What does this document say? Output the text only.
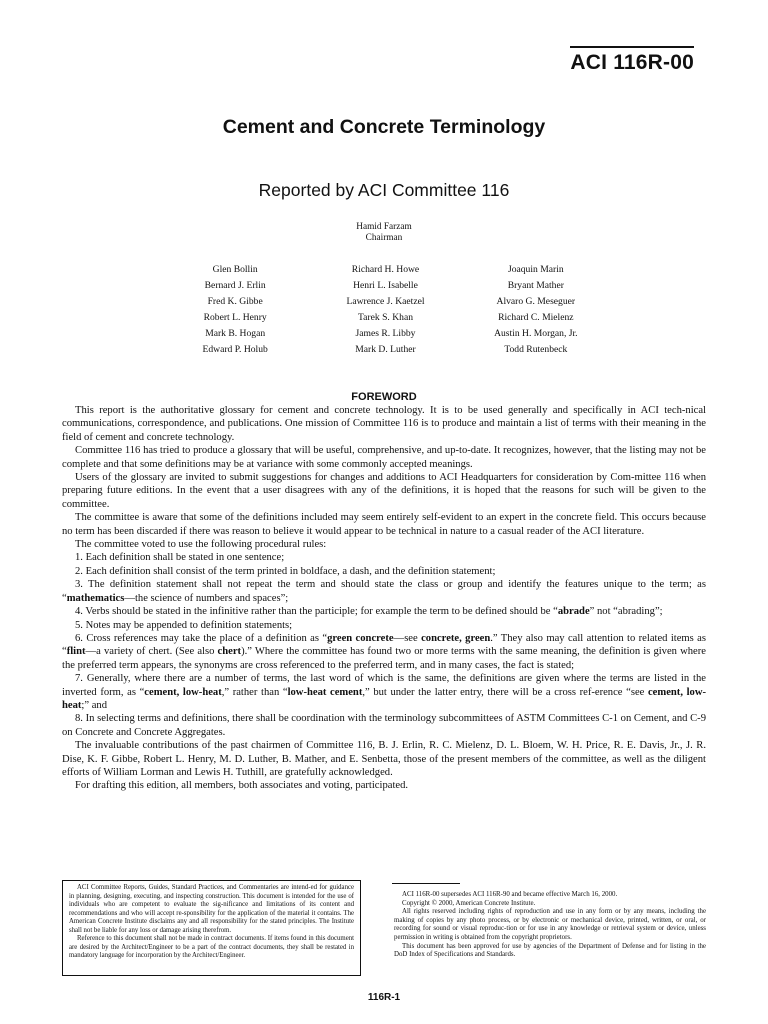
ACI 116R-00
Cement and Concrete Terminology
Reported by ACI Committee 116
Hamid Farzam
Chairman
Glen Bollin	Richard H. Howe	Joaquin Marin
Bernard J. Erlin	Henri L. Isabelle	Bryant Mather
Fred K. Gibbe	Lawrence J. Kaetzel	Alvaro G. Meseguer
Robert L. Henry	Tarek S. Khan	Richard C. Mielenz
Mark B. Hogan	James R. Libby	Austin H. Morgan, Jr.
Edward P. Holub	Mark D. Luther	Todd Rutenbeck
FOREWORD

This report is the authoritative glossary for cement and concrete technology. It is to be used generally and specifically in ACI tech-nical communications, correspondence, and publications. One mission of Committee 116 is to produce and maintain a list of terms with their meaning in the field of cement and concrete technology.

Committee 116 has tried to produce a glossary that will be useful, comprehensive, and up-to-date. It recognizes, however, that the listing may not be complete and that some definitions may be at variance with some commonly accepted meanings.

Users of the glossary are invited to submit suggestions for changes and additions to ACI Headquarters for consideration by Com-mittee 116 when preparing future editions. In the event that a user disagrees with any of the definitions, it is hoped that the reasons for such will be given to the committee.

The committee is aware that some of the definitions included may seem entirely self-evident to an expert in the concrete field. This occurs because no term has been discarded if there was reason to believe it would appear to be technical in nature to a casual reader of the ACI literature.

The committee voted to use the following procedural rules:

1. Each definition shall be stated in one sentence;

2. Each definition shall consist of the term printed in boldface, a dash, and the definition statement;

3. The definition statement shall not repeat the term and should state the class or group and identify the features unique to the term; as “mathematics—the science of numbers and spaces”;

4. Verbs should be stated in the infinitive rather than the participle; for example the term to be defined should be “abrade” not “abrading”;

5. Notes may be appended to definition statements;

6. Cross references may take the place of a definition as “green concrete—see concrete, green.” They also may call attention to related items as “flint—a variety of chert. (See also chert).” Where the committee has found two or more terms with the same meaning, the definition is given where the preferred term appears, the synonyms are cross referenced to the preferred term, and in many cases, the fact is stated;

7. Generally, where there are a number of terms, the last word of which is the same, the definitions are given where the terms are listed in the inverted form, as “cement, low-heat,” rather than “low-heat cement,” but under the latter entry, there will be a cross ref-erence “see cement, low-heat;” and

8. In selecting terms and definitions, there shall be coordination with the terminology subcommittees of ASTM Committees C-1 on Cement, and C-9 on Concrete and Concrete Aggregates.

The invaluable contributions of the past chairmen of Committee 116, B. J. Erlin, R. C. Mielenz, D. L. Bloem, W. H. Price, R. E. Davis, Jr., J. R. Dise, K. F. Gibbe, Robert L. Henry, M. D. Luther, B. Mather, and E. Senbetta, those of the present members of the committee, as well as the diligent efforts of William Lorman and Lewis H. Tuthill, are gratefully acknowledged.

For drafting this edition, all members, both associates and voting, participated.

ACI Committee Reports, Guides, Standard Practices, and Commentaries are intend-ed for guidance in planning, designing, executing, and inspecting construction. This document is intended for the use of individuals who are competent to evaluate the sig-nificance and limitations of its content and recommendations and who will accept re-sponsibility for the application of the material it contains. The American Concrete Institute disclaims any and all responsibility for the stated principles. The Institute shall not be liable for any loss or damage arising therefrom.

Reference to this document shall not be made in contract documents. If items found in this document are desired by the Architect/Engineer to be a part of the contract documents, they shall be restated in mandatory language for incorporation by the Architect/Engineer.

ACI 116R-00 supersedes ACI 116R-90 and became effective March 16, 2000.

Copyright © 2000, American Concrete Institute.

All rights reserved including rights of reproduction and use in any form or by any means, including the making of copies by any photo process, or by electronic or mechanical device, printed, written, or oral, or recording for sound or visual reproduc-tion or for use in any knowledge or retrieval system or device, unless permission in writing is obtained from the copyright proprietors.

This document has been approved for use by agencies of the Department of Defense and for listing in the DoD Index of Specifications and Standards.

116R-1
